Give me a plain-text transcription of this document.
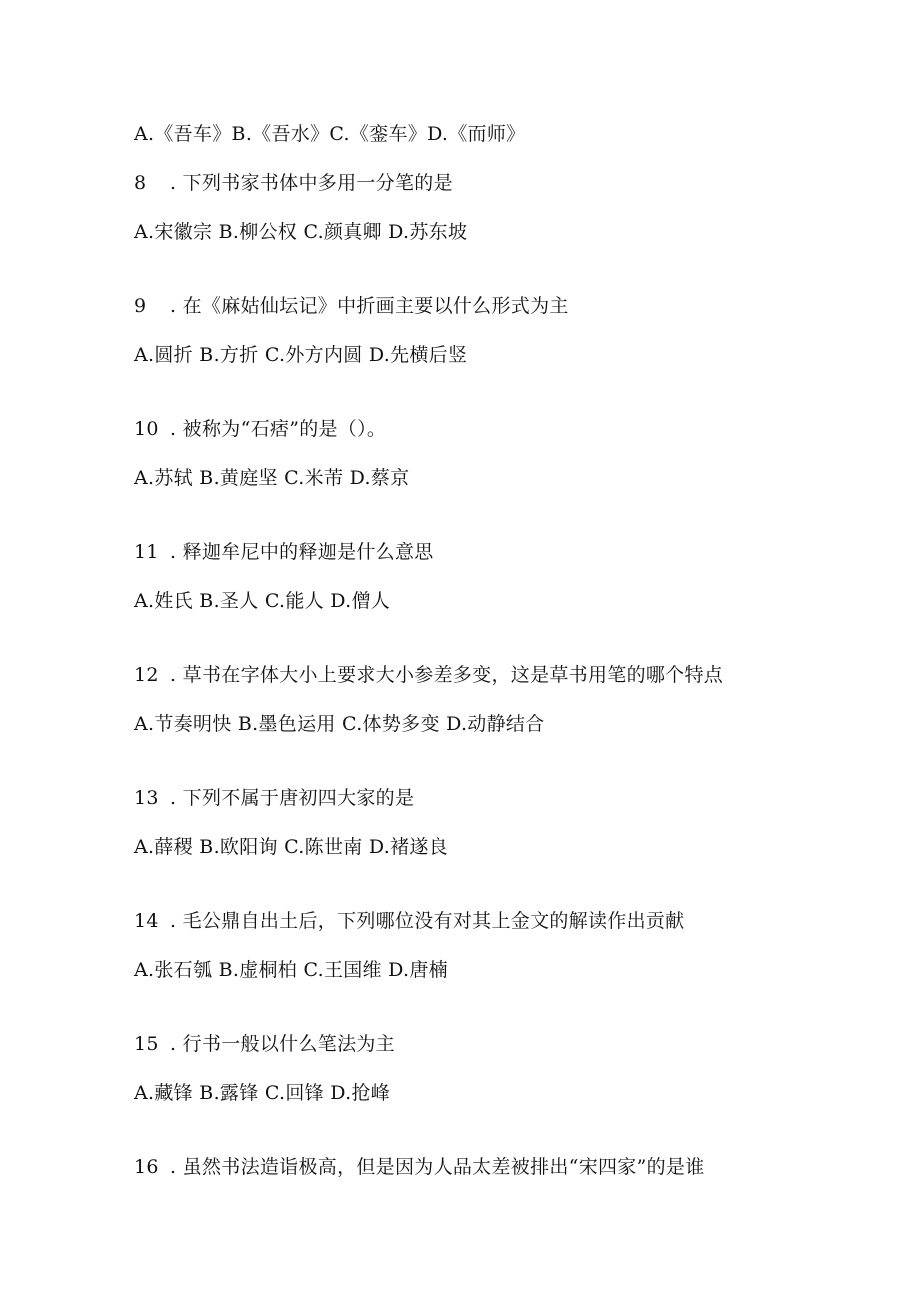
A.《吾车》B.《吾水》C.《銮车》D.《而师》
8 . 下列书家书体中多用一分笔的是
A.宋徽宗 B.柳公权 C.颜真卿 D.苏东坡
9 . 在《麻姑仙坛记》中折画主要以什么形式为主
A.圆折 B.方折 C.外方内圆 D.先横后竖
10 . 被称为“石痞”的是（）。
A.苏轼 B.黄庭坚 C.米芾 D.蔡京
11 . 释迦牟尼中的释迦是什么意思
A.姓氏 B.圣人 C.能人 D.僧人
12 . 草书在字体大小上要求大小参差多变，这是草书用笔的哪个特点
A.节奏明快 B.墨色运用 C.体势多变 D.动静结合
13 . 下列不属于唐初四大家的是
A.薛稷 B.欧阳询 C.陈世南 D.褚遂良
14 . 毛公鼎自出土后，下列哪位没有对其上金文的解读作出贡献
A.张石瓠 B.虚桐柏 C.王国维 D.唐楠
15 . 行书一般以什么笔法为主
A.藏锋 B.露锋 C.回锋 D.抢峰
16 . 虽然书法造诣极高，但是因为人品太差被排出“宋四家”的是谁
